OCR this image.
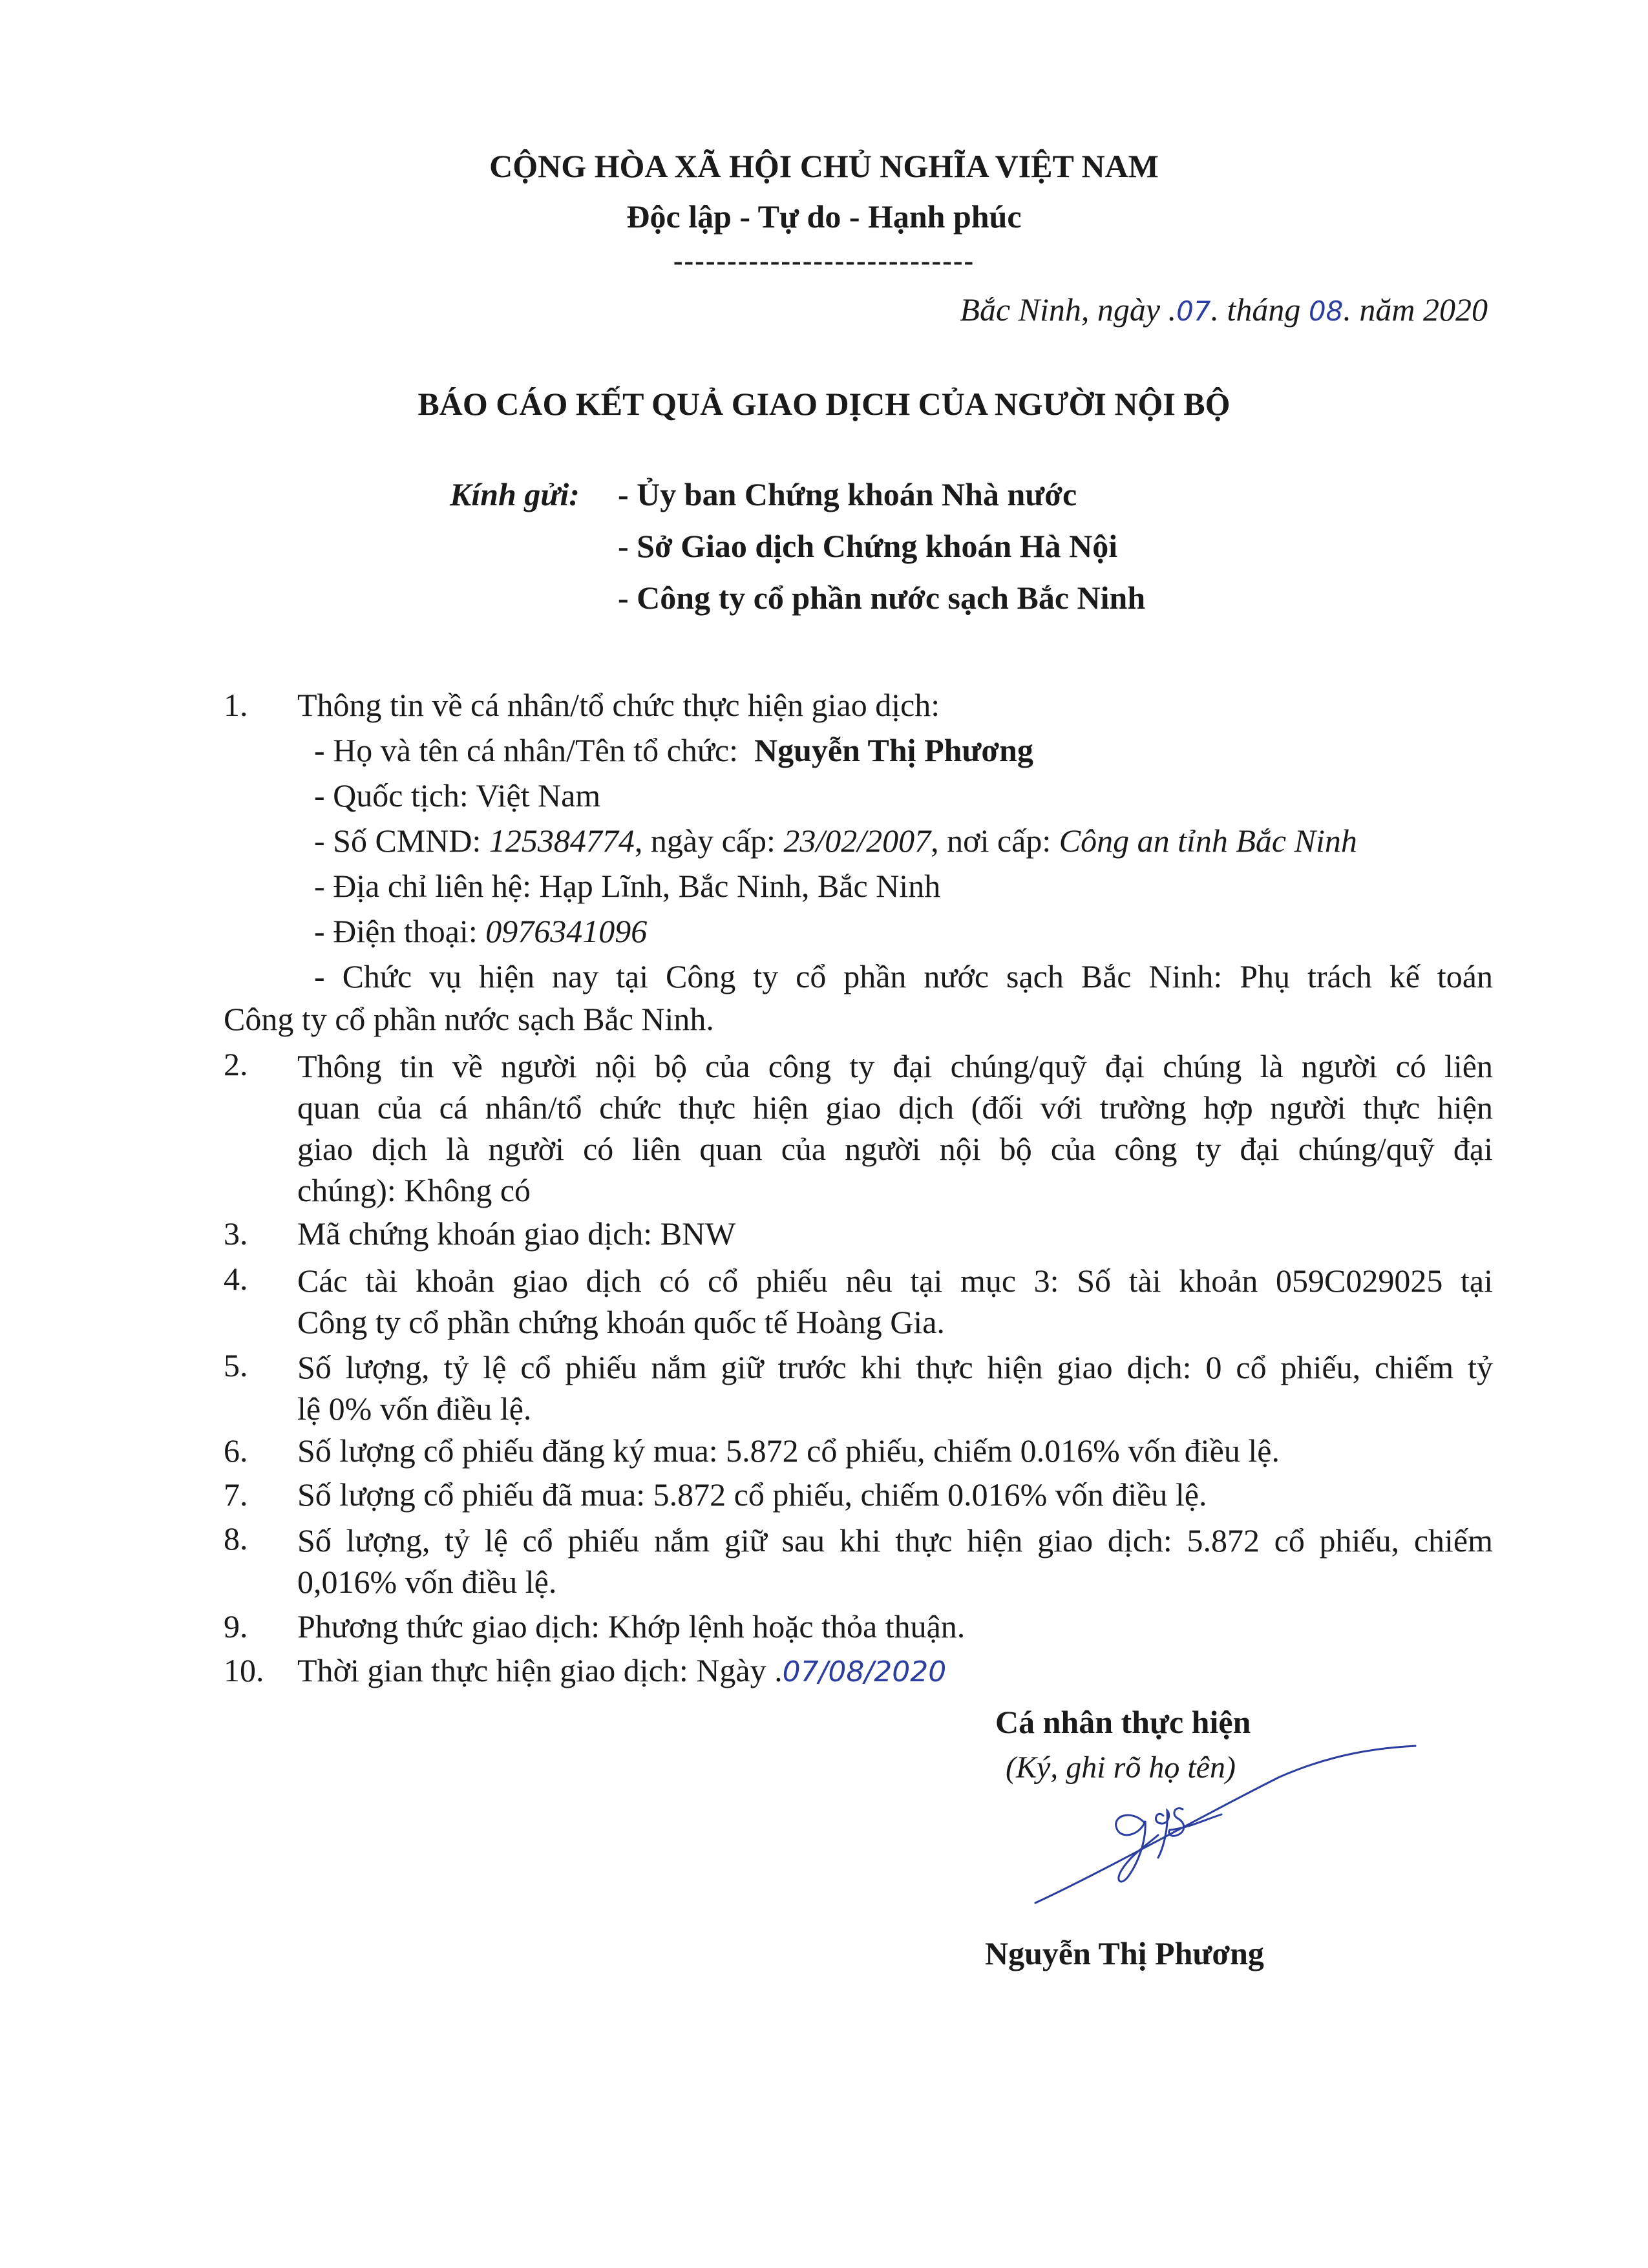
CỘNG HÒA XÃ HỘI CHỦ NGHĨA VIỆT NAM
Độc lập - Tự do - Hạnh phúc
----------------------------
Bắc Ninh, ngày .07. tháng 08. năm 2020
BÁO CÁO KẾT QUẢ GIAO DỊCH CỦA NGƯỜI NỘI BỘ
Kính gửi: - Ủy ban Chứng khoán Nhà nước
- Sở Giao dịch Chứng khoán Hà Nội
- Công ty cổ phần nước sạch Bắc Ninh
1. Thông tin về cá nhân/tổ chức thực hiện giao dịch:
- Họ và tên cá nhân/Tên tổ chức: Nguyễn Thị Phương
- Quốc tịch: Việt Nam
- Số CMND: 125384774, ngày cấp: 23/02/2007, nơi cấp: Công an tỉnh Bắc Ninh
- Địa chỉ liên hệ: Hạp Lĩnh, Bắc Ninh, Bắc Ninh
- Điện thoại: 0976341096
- Chức vụ hiện nay tại Công ty cổ phần nước sạch Bắc Ninh: Phụ trách kế toán
Công ty cổ phần nước sạch Bắc Ninh.
2. Thông tin về người nội bộ của công ty đại chúng/quỹ đại chúng là người có liên
quan của cá nhân/tổ chức thực hiện giao dịch (đối với trường hợp người thực hiện
giao dịch là người có liên quan của người nội bộ của công ty đại chúng/quỹ đại
chúng): Không có
3. Mã chứng khoán giao dịch: BNW
4. Các tài khoản giao dịch có cổ phiếu nêu tại mục 3: Số tài khoản 059C029025 tại
Công ty cổ phần chứng khoán quốc tế Hoàng Gia.
5. Số lượng, tỷ lệ cổ phiếu nắm giữ trước khi thực hiện giao dịch: 0 cổ phiếu, chiếm tỷ
lệ 0% vốn điều lệ.
6. Số lượng cổ phiếu đăng ký mua: 5.872 cổ phiếu, chiếm 0.016% vốn điều lệ.
7. Số lượng cổ phiếu đã mua: 5.872 cổ phiếu, chiếm 0.016% vốn điều lệ.
8. Số lượng, tỷ lệ cổ phiếu nắm giữ sau khi thực hiện giao dịch: 5.872 cổ phiếu, chiếm
0,016% vốn điều lệ.
9. Phương thức giao dịch: Khớp lệnh hoặc thỏa thuận.
10. Thời gian thực hiện giao dịch: Ngày .07/08/2020
Cá nhân thực hiện
(Ký, ghi rõ họ tên)
Nguyễn Thị Phương
